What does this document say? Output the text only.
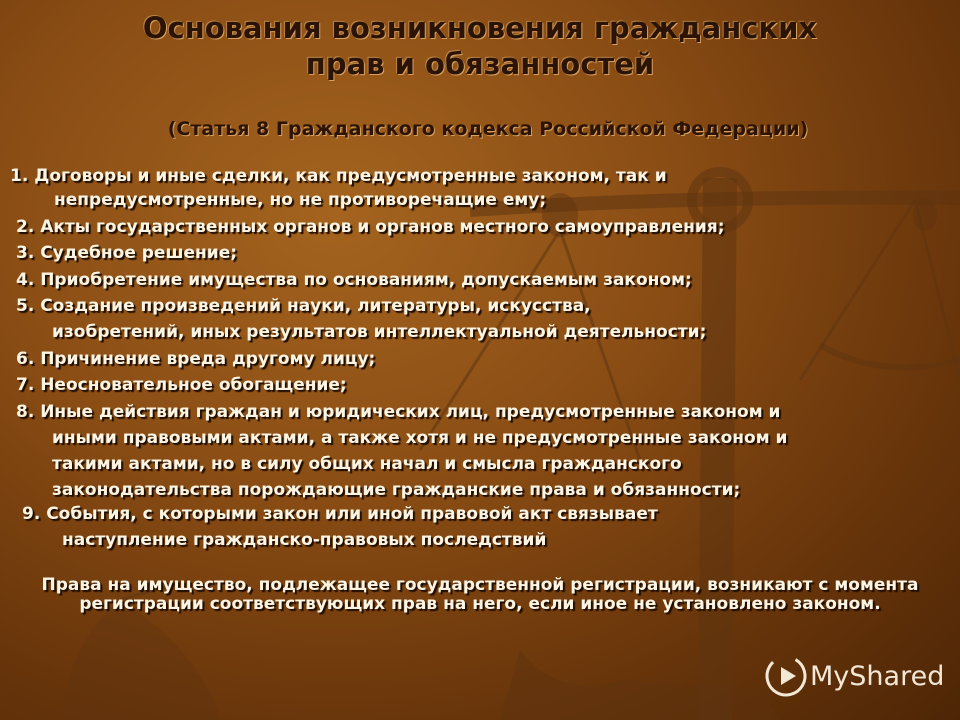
Основания возникновения гражданских
прав и обязанностей
(Статья 8 Гражданского кодекса Российской Федерации)
1. Договоры и иные сделки, как предусмотренные законом, так и
непредусмотренные, но не противоречащие ему;
2. Акты государственных органов и органов местного самоуправления;
3. Судебное решение;
4. Приобретение имущества по основаниям, допускаемым законом;
5. Создание произведений науки, литературы, искусства,
изобретений, иных результатов интеллектуальной деятельности;
6. Причинение вреда другому лицу;
7. Неосновательное обогащение;
8. Иные действия граждан и юридических лиц, предусмотренные законом и
иными правовыми актами, а также хотя и не предусмотренные законом и
такими актами, но в силу общих начал и смысла гражданского
законодательства порождающие гражданские права и обязанности;
9. События, с которыми закон или иной правовой акт связывает
наступление гражданско-правовых последствий
Права на имущество, подлежащее государственной регистрации, возникают с момента регистрации соответствующих прав на него, если иное не установлено законом.
MyShared
